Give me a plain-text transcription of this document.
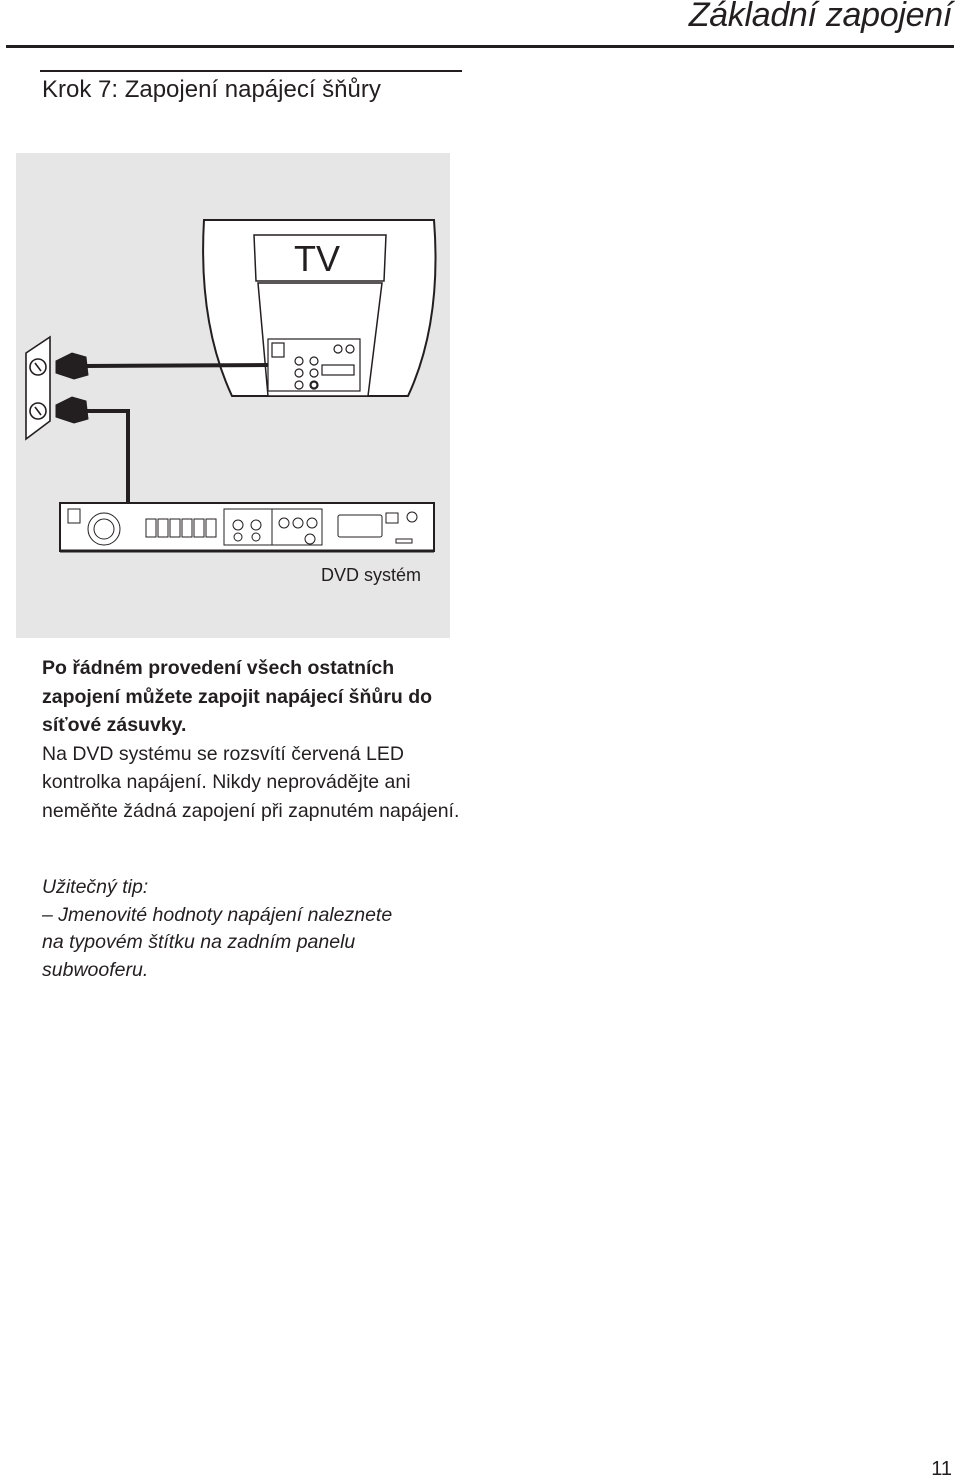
Základní zapojení
Krok 7: Zapojení napájecí šňůry
TV
DVD systém
Po řádném provedení všech ostatních zapojení můžete zapojit napájecí šňůru do síťové zásuvky.
Na DVD systému se rozsvítí červená LED kontrolka napájení. Nikdy neprovádějte ani neměňte žádná zapojení při zapnutém napájení.
Užitečný tip:
– Jmenovité hodnoty napájení naleznete
na typovém štítku na zadním panelu
subwooferu.
11
